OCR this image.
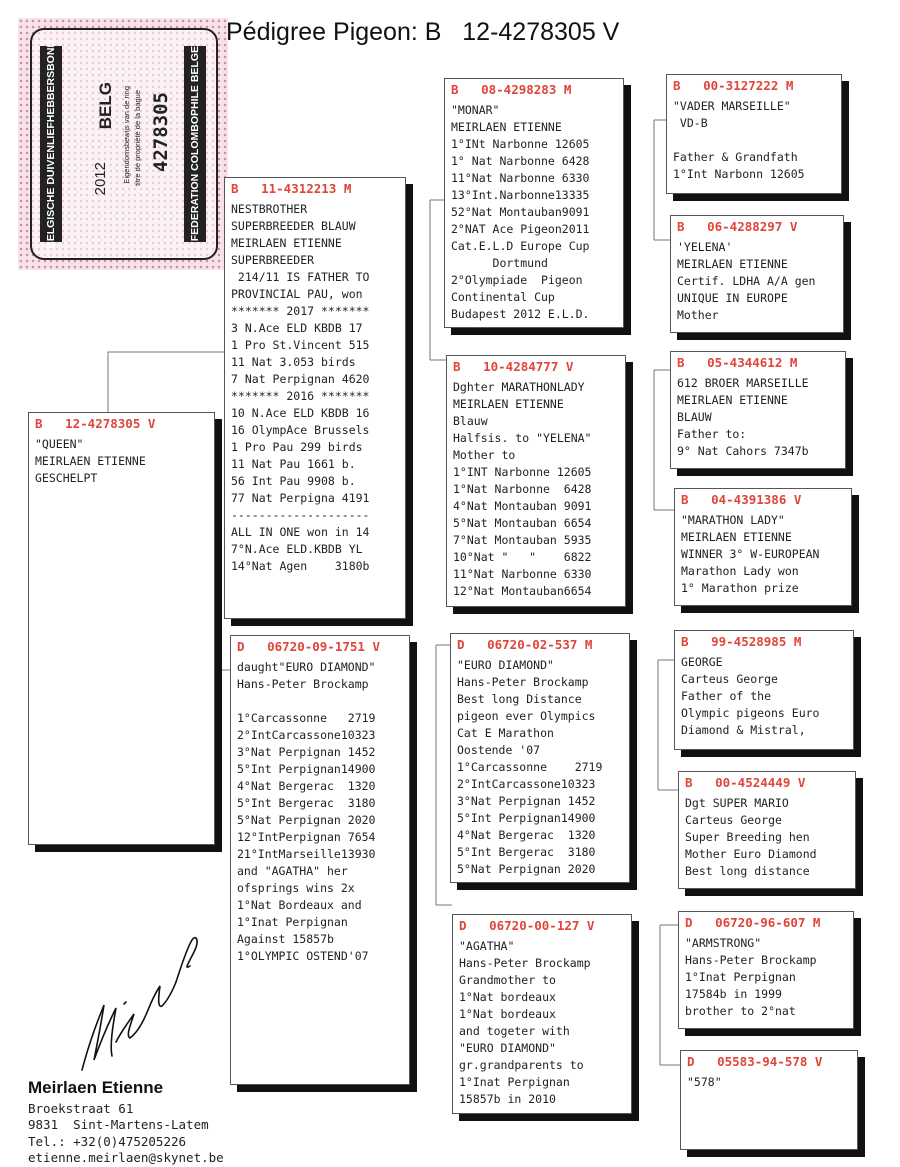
BELGISCHE DUIVENLIEFHEBBERSBOND	FEDERATION COLOMBOPHILE BELGE
BELG
2012 Eigendomsbewijs van de ring titre de propriété de la bague 4278305
Pédigree Pigeon: B   12-4278305 V
B   12-4278305 V
"QUEEN"
MEIRLAEN ETIENNE
GESCHELPT
B   11-4312213 M
NESTBROTHER
SUPERBREEDER BLAUW
MEIRLAEN ETIENNE
SUPERBREEDER
214/11 IS FATHER TO
PROVINCIAL PAU, won
******* 2017 *******
3 N.Ace ELD KBDB 17
1 Pro St.Vincent 515
11 Nat 3.053 birds
7 Nat Perpignan 4620
******* 2016 *******
10 N.Ace ELD KBDB 16
16 OlympAce Brussels
1 Pro Pau 299 birds
11 Nat Pau 1661 b.
56 Int Pau 9908 b.
77 Nat Perpigna 4191
--------------------
ALL IN ONE won in 14
7°N.Ace ELD.KBDB YL
14°Nat Agen    3180b
D   06720-09-1751 V
daught"EURO DIAMOND"
Hans-Peter Brockamp

1°Carcassonne   2719
2°IntCarcassone10323
3°Nat Perpignan 1452
5°Int Perpignan14900
4°Nat Bergerac  1320
5°Int Bergerac  3180
5°Nat Perpignan 2020
12°IntPerpignan 7654
21°IntMarseille13930
and "AGATHA" her
ofsprings wins 2x
1°Nat Bordeaux and
1°Inat Perpignan
Against 15857b
1°OLYMPIC OSTEND'07
B   08-4298283 M
"MONAR"
MEIRLAEN ETIENNE
1°INt Narbonne 12605
1° Nat Narbonne 6428
11°Nat Narbonne 6330
13°Int.Narbonne13335
52°Nat Montauban9091
2°NAT Ace Pigeon2011
Cat.E.L.D Europe Cup
Dortmund
2°Olympiade  Pigeon
Continental Cup
Budapest 2012 E.L.D.
B   10-4284777 V
Dghter MARATHONLADY
MEIRLAEN ETIENNE
Blauw
Halfsis. to "YELENA"
Mother to
1°INT Narbonne 12605
1°Nat Narbonne  6428
4°Nat Montauban 9091
5°Nat Montauban 6654
7°Nat Montauban 5935
10°Nat "   "    6822
11°Nat Narbonne 6330
12°Nat Montauban6654
D   06720-02-537 M
"EURO DIAMOND"
Hans-Peter Brockamp
Best long Distance
pigeon ever Olympics
Cat E Marathon
Oostende '07
1°Carcassonne    2719
2°IntCarcassone10323
3°Nat Perpignan 1452
5°Int Perpignan14900
4°Nat Bergerac  1320
5°Int Bergerac  3180
5°Nat Perpignan 2020
D   06720-00-127 V
"AGATHA"
Hans-Peter Brockamp
Grandmother to
1°Nat bordeaux
1°Nat bordeaux
and togeter with
"EURO DIAMOND"
gr.grandparents to
1°Inat Perpignan
15857b in 2010
B   00-3127222 M
"VADER MARSEILLE"
VD-B

Father & Grandfath
1°Int Narbonn 12605
B   06-4288297 V
'YELENA'
MEIRLAEN ETIENNE
Certif. LDHA A/A gen
UNIQUE IN EUROPE
Mother
B   05-4344612 M
612 BROER MARSEILLE
MEIRLAEN ETIENNE
BLAUW
Father to:
9° Nat Cahors 7347b
B   04-4391386 V
"MARATHON LADY"
MEIRLAEN ETIENNE
WINNER 3° W-EUROPEAN
Marathon Lady won
1° Marathon prize
B   99-4528985 M
GEORGE
Carteus George
Father of the
Olympic pigeons Euro
Diamond & Mistral,
B   00-4524449 V
Dgt SUPER MARIO
Carteus George
Super Breeding hen
Mother Euro Diamond
Best long distance
D   06720-96-607 M
"ARMSTRONG"
Hans-Peter Brockamp
1°Inat Perpignan
17584b in 1999
brother to 2°nat
D   05583-94-578 V
"578"
Meirlaen Etienne
Broekstraat 61
9831  Sint-Martens-Latem
Tel.: +32(0)475205226
etienne.meirlaen@skynet.be
